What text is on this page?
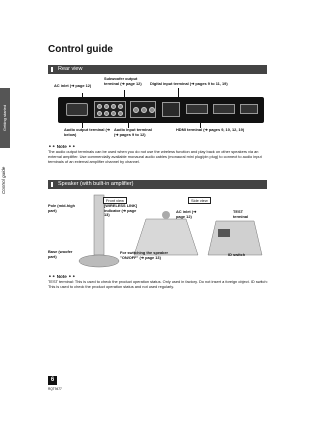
Getting started
Control guide
Control guide
Rear view
AC inlet (➜ page 12)
Subwoofer output terminal (➜ page 12)	Digital input terminal (➜ pages 9 to 11, 19)
Audio output terminal (➜ below)
Audio input terminal (➜ pages 9 to 12)
HDMI terminal (➜ pages 9, 10, 12, 19)
⚬⚬ Note ⚬⚬
The audio output terminals can be used when you do not use the wireless function and play back on other speakers via an external amplifier. Use commercially available monaural audio cables (monaural mini plug/pin plug) to connect to audio input terminals of an external amplifier channel by channel.
Speaker (with built-in amplifier)
Front view	Side view
Pole (mid-high part)
[WIRELESS LINK] indicator (➜ page 13)
AC inlet (➜ page 12)
TEST terminal
Base (woofer part)
For switching the speaker "ON/OFF" (➜ page 13)
ID switch
⚬⚬ Note ⚬⚬
TEST terminal: This is used to check the product operation status. Only used in factory. Do not insert a foreign object. ID switch: This is used to check the product operation status and not used regularly.
6
RQT9477
